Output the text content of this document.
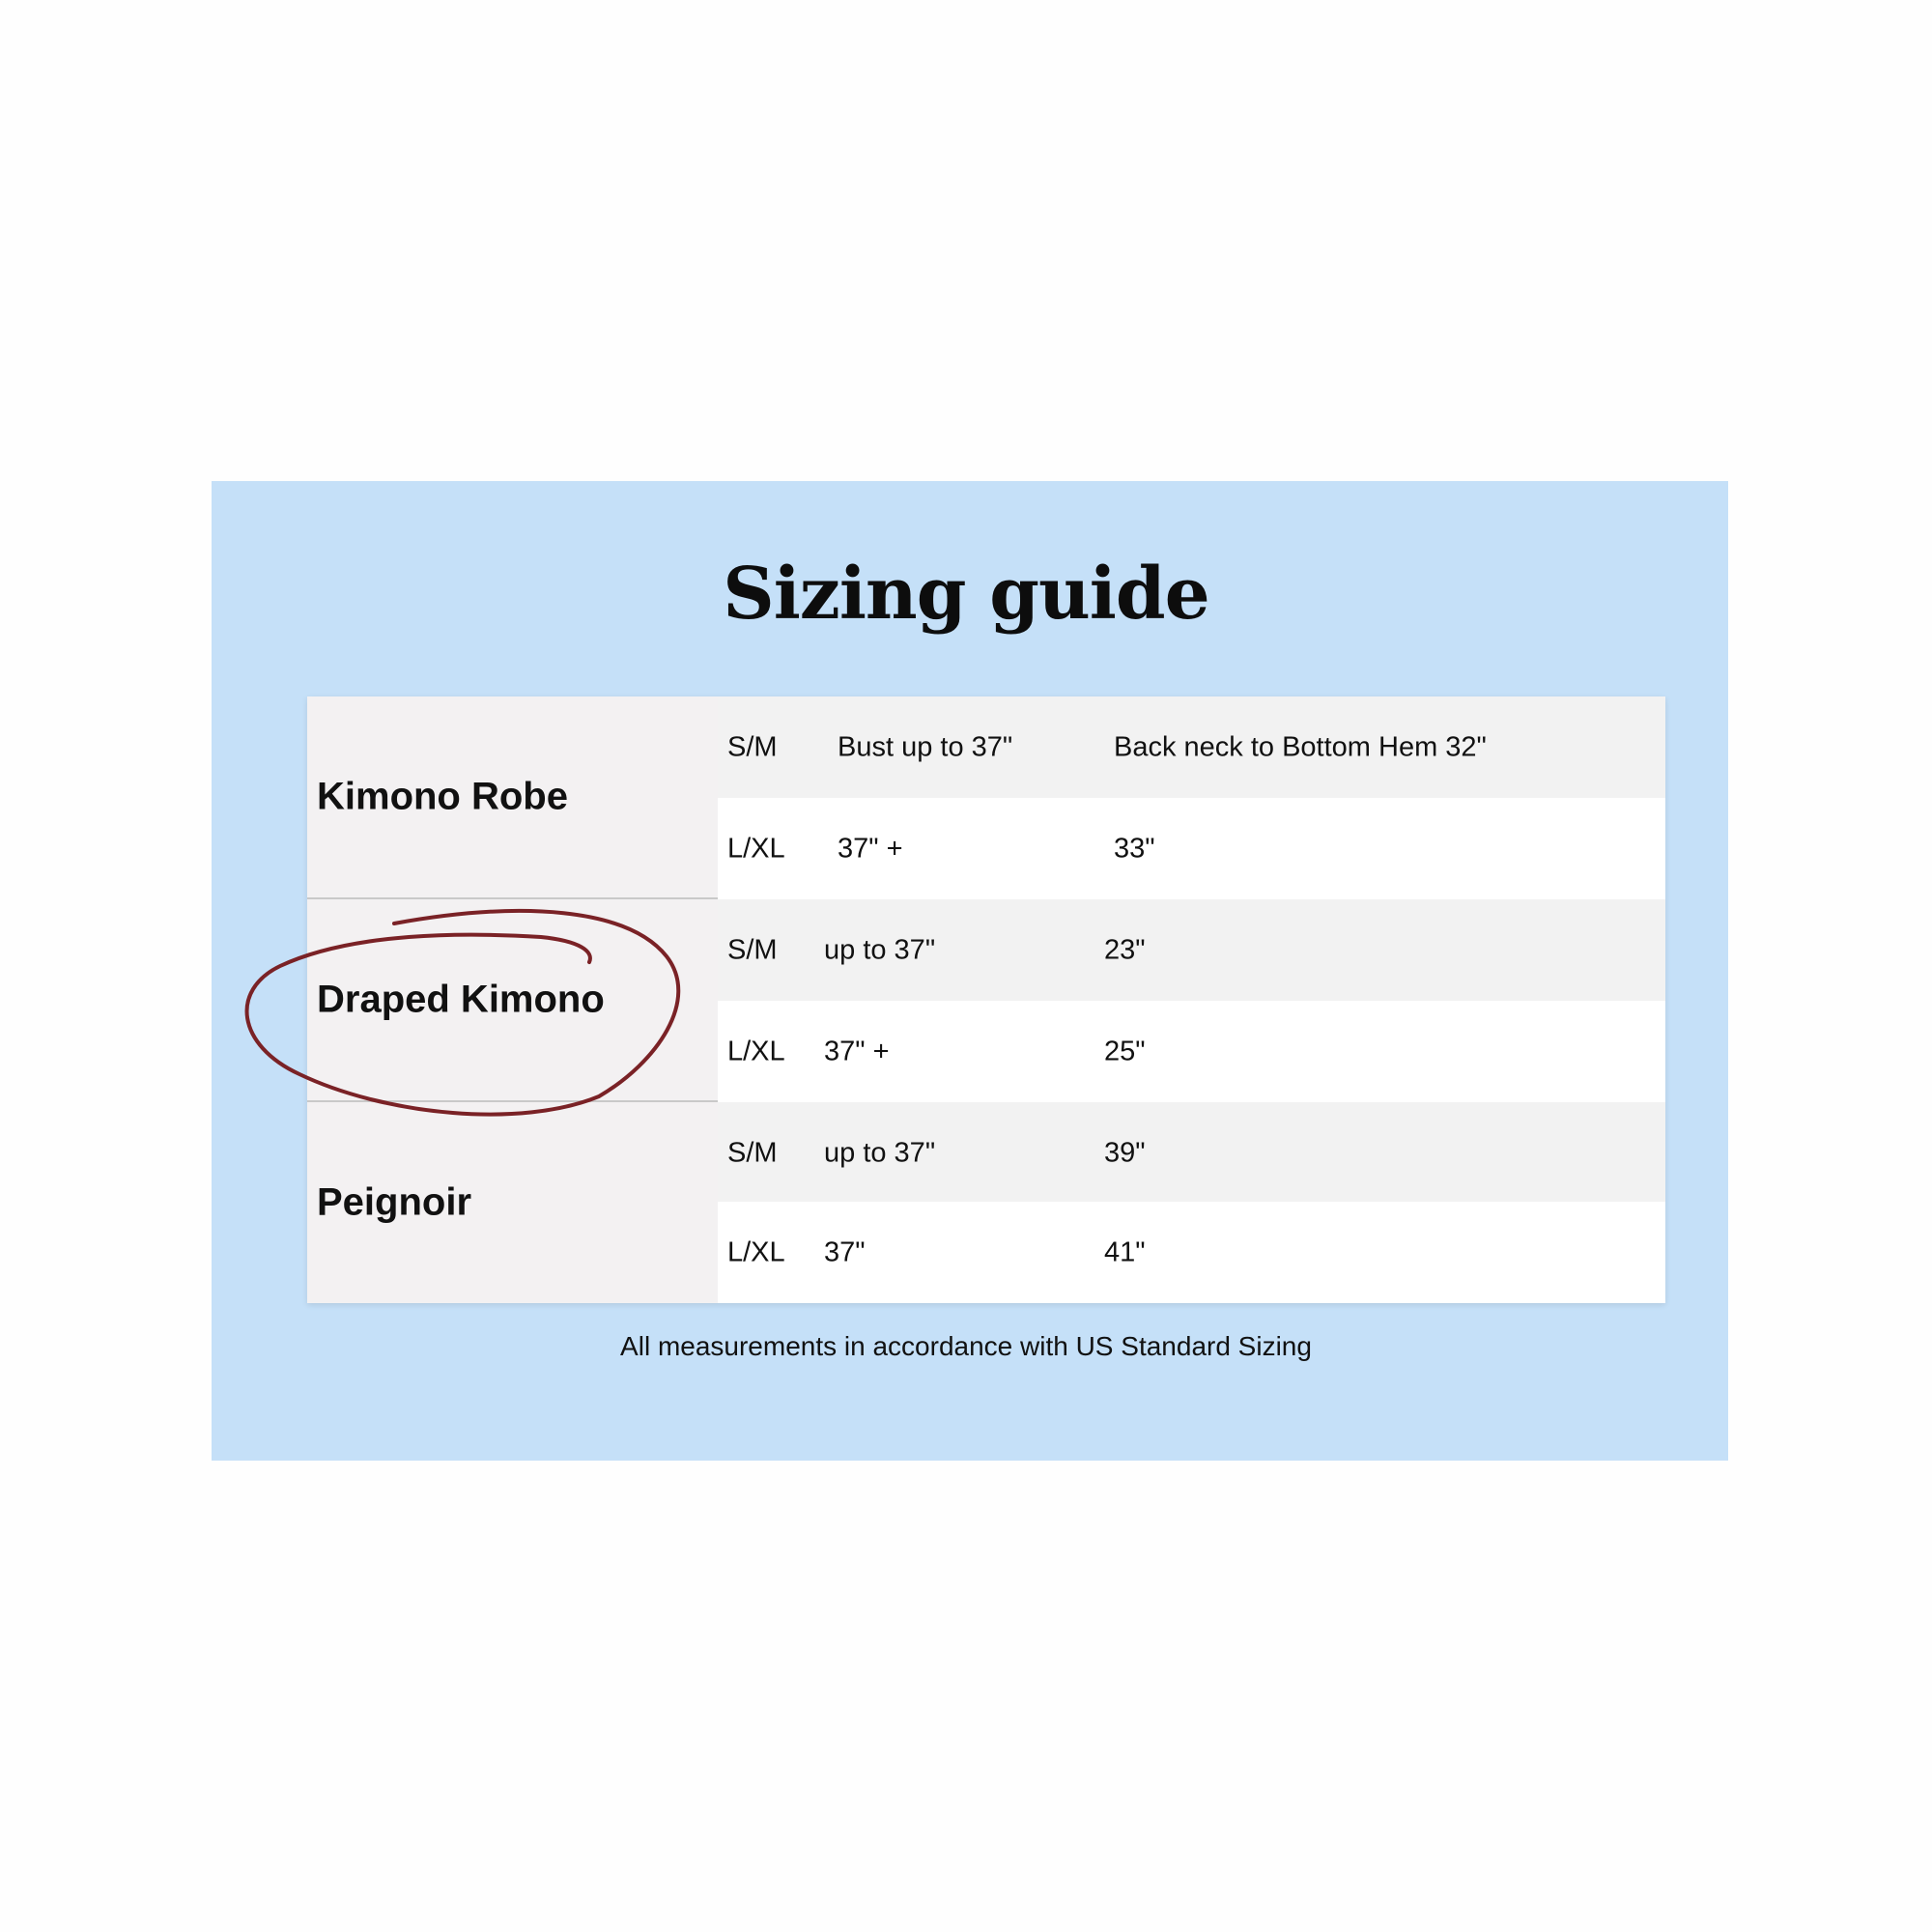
Sizing guide
Kimono Robe
S/M Bust up to 37"	Back neck to Bottom Hem 32"
L/XL 37" +	33"
Draped Kimono
S/M up to 37"	23"
L/XL 37" +	25"
Peignoir
S/M up to 37"	39"
L/XL 37"	41"
All measurements in accordance with US Standard Sizing
